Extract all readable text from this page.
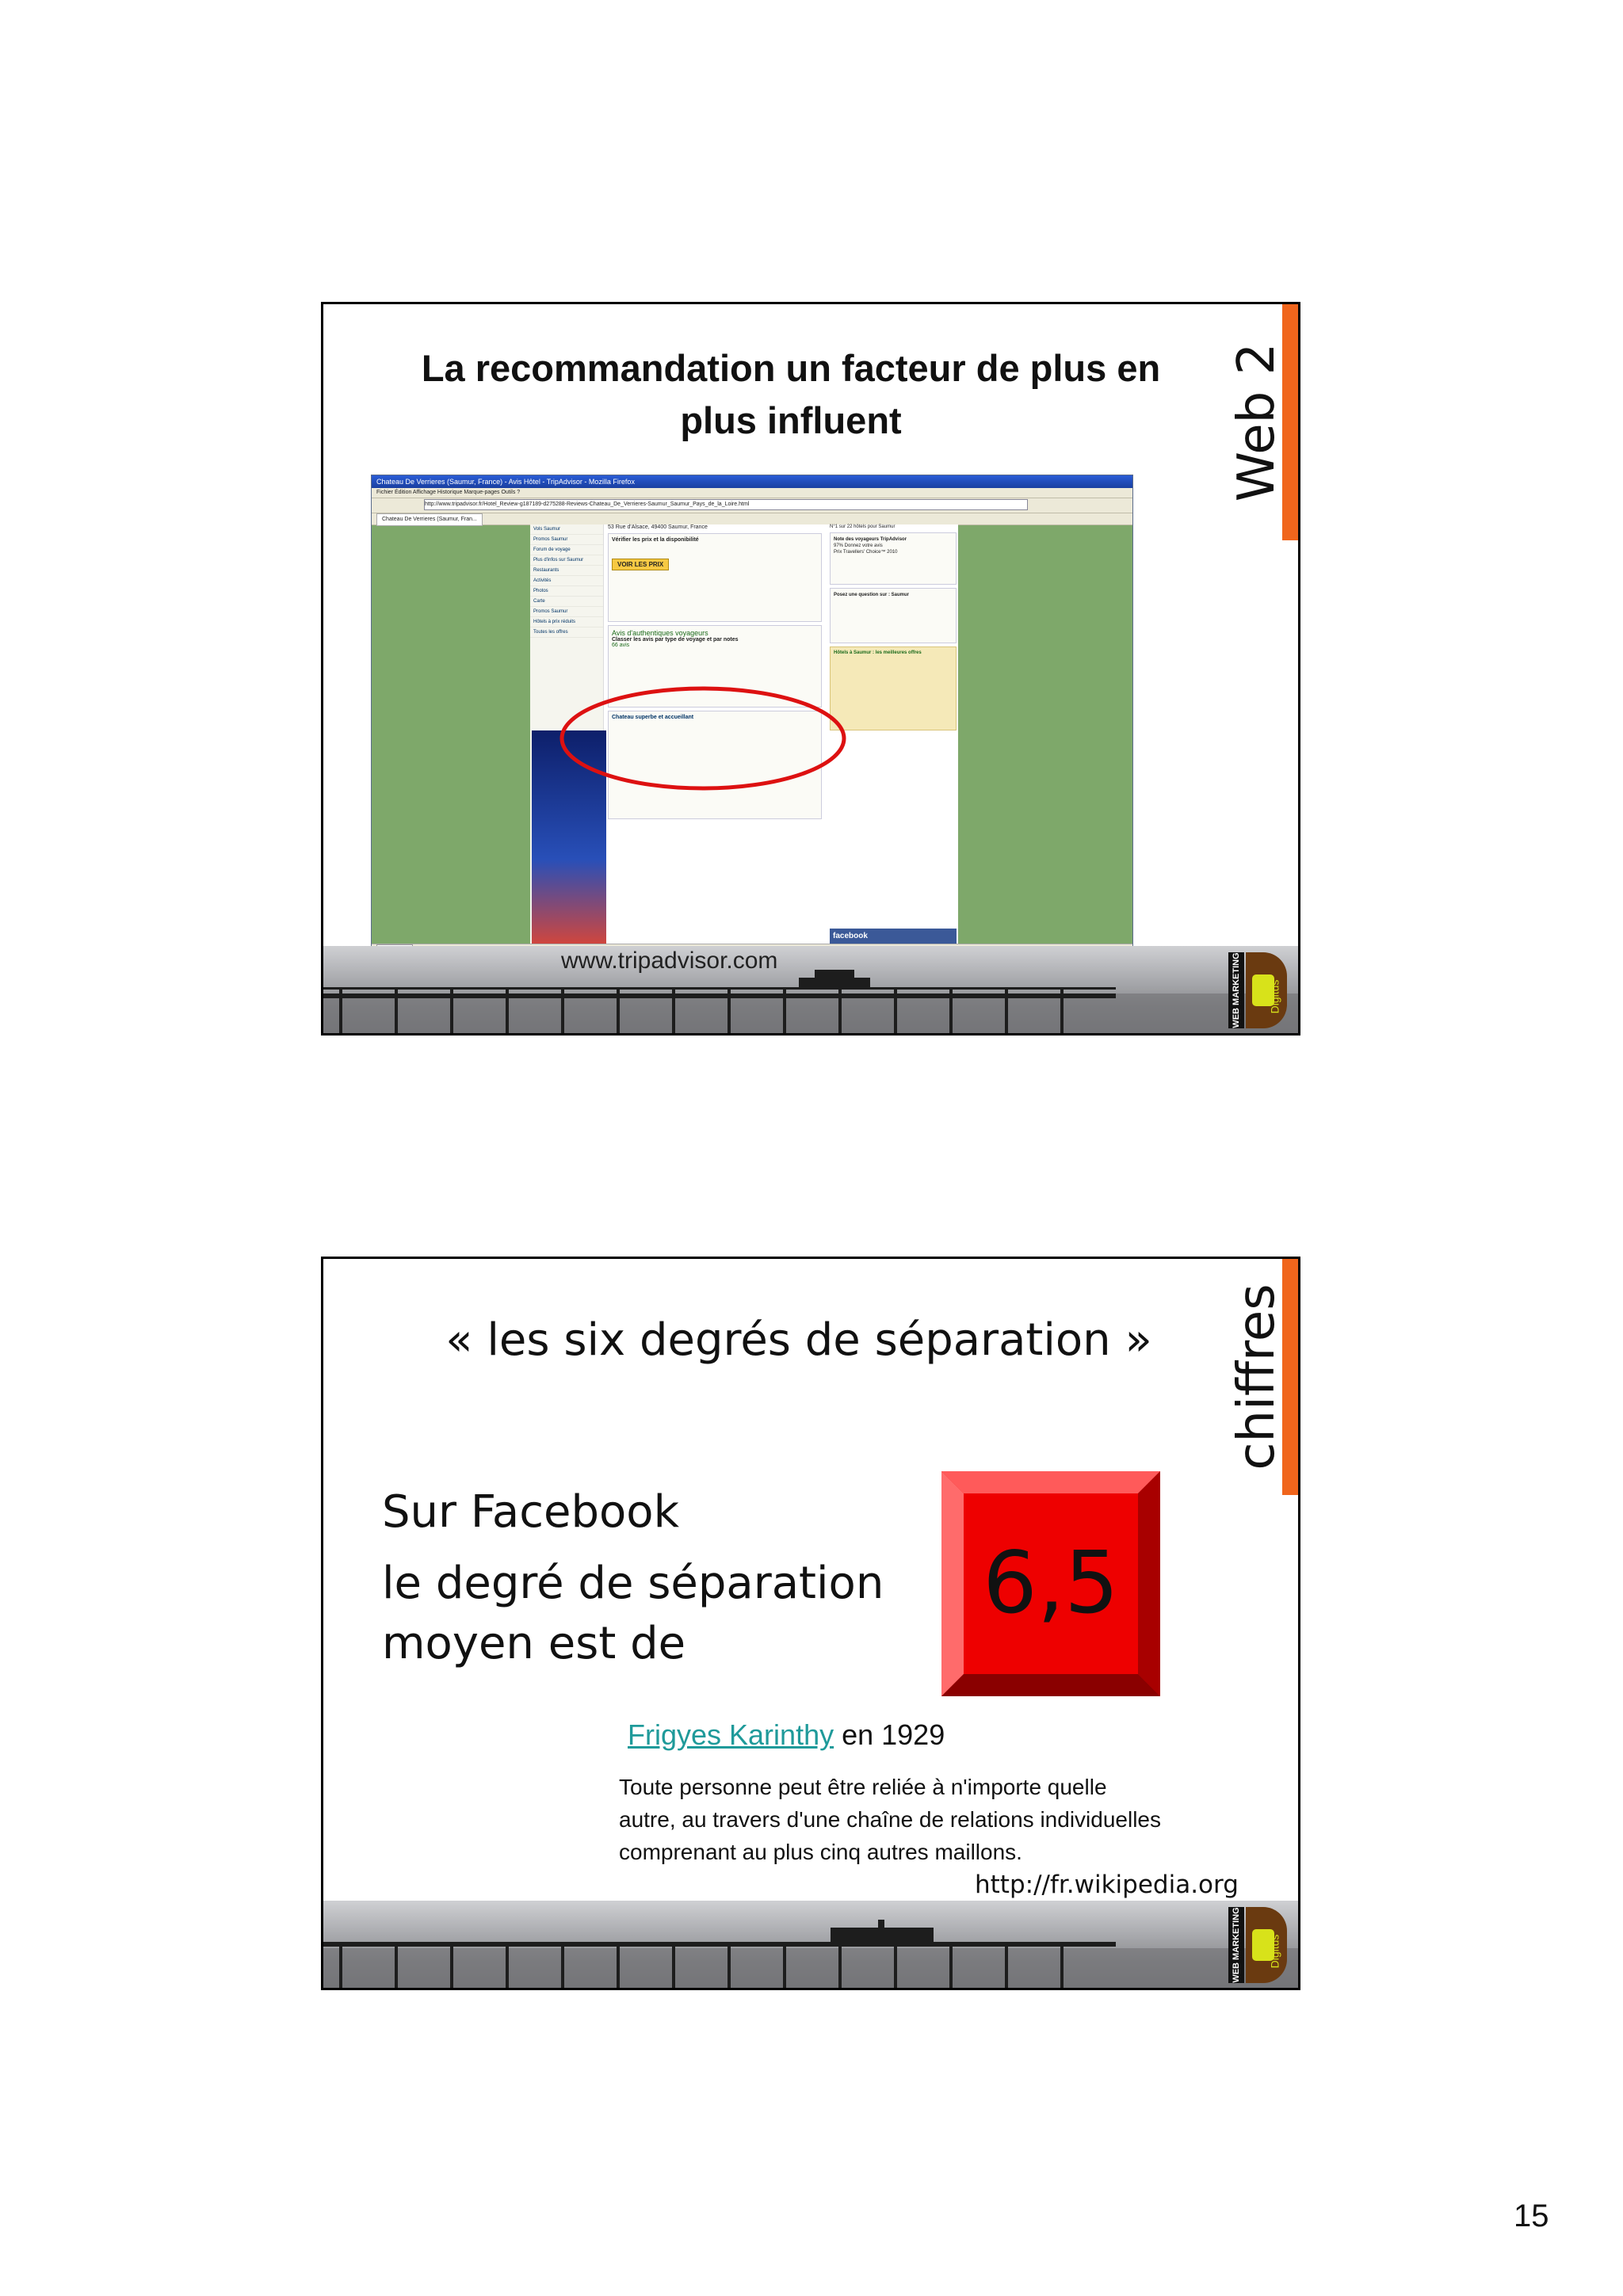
La recommandation un facteur de plus en
plus influent	Web 2
Chateau De Verrieres (Saumur, France) - Avis Hôtel - TripAdvisor - Mozilla Firefox
Fichier Édition Affichage Historique Marque-pages Outils ?
http://www.tripadvisor.fr/Hotel_Review-g187189-d275288-Reviews-Chateau_De_Verrieres-Saumur_Saumur_Pays_de_la_Loire.html
Chateau De Verrieres (Saumur, Fran...
Vols Saumur
Promos Saumur
Forum de voyage
Plus d'infos sur Saumur
Restaurants
Activités
Photos
Carte
Promos Saumur
Hôtels à prix réduits
Toutes les offres
53 Rue d'Alsace, 49400 Saumur, France
Vérifier les prix et la disponibilité
VOIR LES PRIX
Avis d'authentiques voyageurs
Classer les avis par type de voyage et par notes
66 avis
Chateau superbe et accueillant
N°1 sur 22 hôtels pour Saumur
Note des voyageurs TripAdvisor
97% Donnez votre avis
Prix Travellers' Choice™ 2010
Posez une question sur : Saumur
Hôtels à Saumur : les meilleures offres
facebook
www.tripadvisor.com	WEB MARKETING Digitus
« les six degrés de séparation »	chiffres
Sur Facebook
le degré de séparation
moyen est de
6,5
Frigyes Karinthy en 1929
Toute personne peut être reliée à n'importe quelle
autre, au travers d'une chaîne de relations individuelles
comprenant au plus cinq autres maillons.
http://fr.wikipedia.org
WEB MARKETING Digitus
15
